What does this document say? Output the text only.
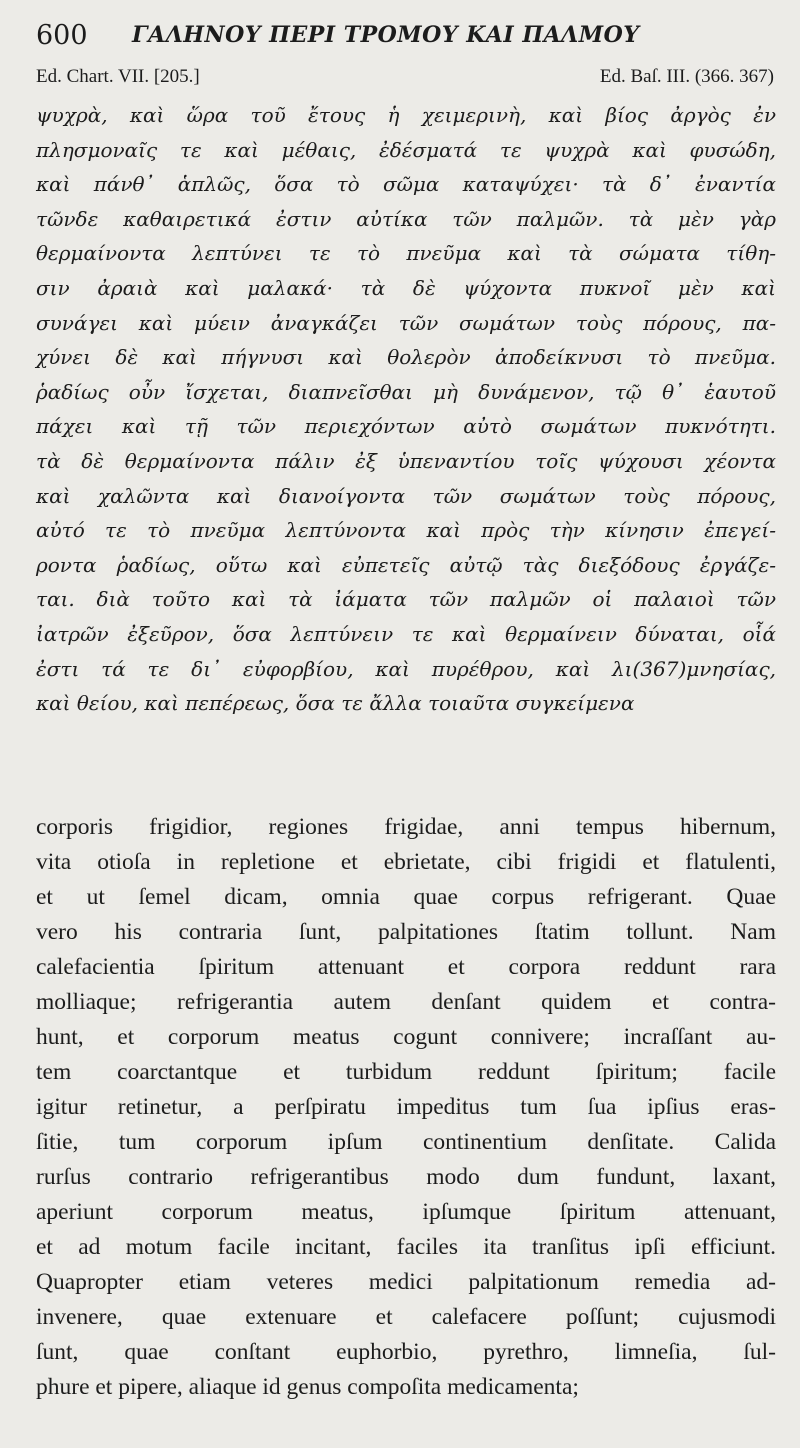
600 ΓΑΛΗΝΟΥ ΠΕΡΙ ΤΡΟΜΟΥ ΚΑΙ ΠΑΛΜΟΥ
Ed. Chart. VII. [205.]	Ed. Baſ. III. (366. 367)
ψυχρὰ, καὶ ὥρα τοῦ ἔτους ἡ χειμερινὴ, καὶ βίος ἀργὸς ἐν
πλησμοναῖς τε καὶ μέθαις, ἐδέσματά τε ψυχρὰ καὶ φυσώδη,
καὶ πάνθ᾽ ἁπλῶς, ὅσα τὸ σῶμα καταψύχει· τὰ δ᾽ ἐναντία
τῶνδε καθαιρετικά ἐστιν αὐτίκα τῶν παλμῶν. τὰ μὲν γὰρ
θερμαίνοντα λεπτύνει τε τὸ πνεῦμα καὶ τὰ σώματα τίθη-
σιν ἀραιὰ καὶ μαλακά· τὰ δὲ ψύχοντα πυκνοῖ μὲν καὶ
συνάγει καὶ μύειν ἀναγκάζει τῶν σωμάτων τοὺς πόρους, πα-
χύνει δὲ καὶ πήγνυσι καὶ θολερὸν ἀποδείκνυσι τὸ πνεῦμα.
ῥαδίως οὖν ἴσχεται, διαπνεῖσθαι μὴ δυνάμενον, τῷ θ᾽ ἑαυτοῦ
πάχει καὶ τῇ τῶν περιεχόντων αὐτὸ σωμάτων πυκνότητι.
τὰ δὲ θερμαίνοντα πάλιν ἐξ ὑπεναντίου τοῖς ψύχουσι χέοντα
καὶ χαλῶντα καὶ διανοίγοντα τῶν σωμάτων τοὺς πόρους,
αὐτό τε τὸ πνεῦμα λεπτύνοντα καὶ πρὸς τὴν κίνησιν ἐπεγεί-
ροντα ῥαδίως, οὕτω καὶ εὐπετεῖς αὐτῷ τὰς διεξόδους ἐργάζε-
ται. διὰ τοῦτο καὶ τὰ ἰάματα τῶν παλμῶν οἱ παλαιοὶ τῶν
ἰατρῶν ἐξεῦρον, ὅσα λεπτύνειν τε καὶ θερμαίνειν δύναται, οἷά
ἐστι τά τε δι᾽ εὐφορβίου, καὶ πυρέθρου, καὶ λι(367)μνησίας,
καὶ θείου, καὶ πεπέρεως, ὅσα τε ἄλλα τοιαῦτα συγκείμενα
corporis frigidior, regiones frigidae, anni tempus hibernum,
vita otioſa in repletione et ebrietate, cibi frigidi et flatulenti,
et ut ſemel dicam, omnia quae corpus refrigerant. Quae
vero his contraria ſunt, palpitationes ſtatim tollunt. Nam
calefacientia ſpiritum attenuant et corpora reddunt rara
molliaque; refrigerantia autem denſant quidem et contra-
hunt, et corporum meatus cogunt connivere; incraſſant au-
tem coarctantque et turbidum reddunt ſpiritum; facile
igitur retinetur, a perſpiratu impeditus tum ſua ipſius eras-
ſitie, tum corporum ipſum continentium denſitate. Calida
rurſus contrario refrigerantibus modo dum fundunt, laxant,
aperiunt corporum meatus, ipſumque ſpiritum attenuant,
et ad motum facile incitant, faciles ita tranſitus ipſi efficiunt.
Quapropter etiam veteres medici palpitationum remedia ad-
invenere, quae extenuare et calefacere poſſunt; cujusmodi
ſunt, quae conſtant euphorbio, pyrethro, limneſia, ſul-
phure et pipere, aliaque id genus compoſita medicamenta;
